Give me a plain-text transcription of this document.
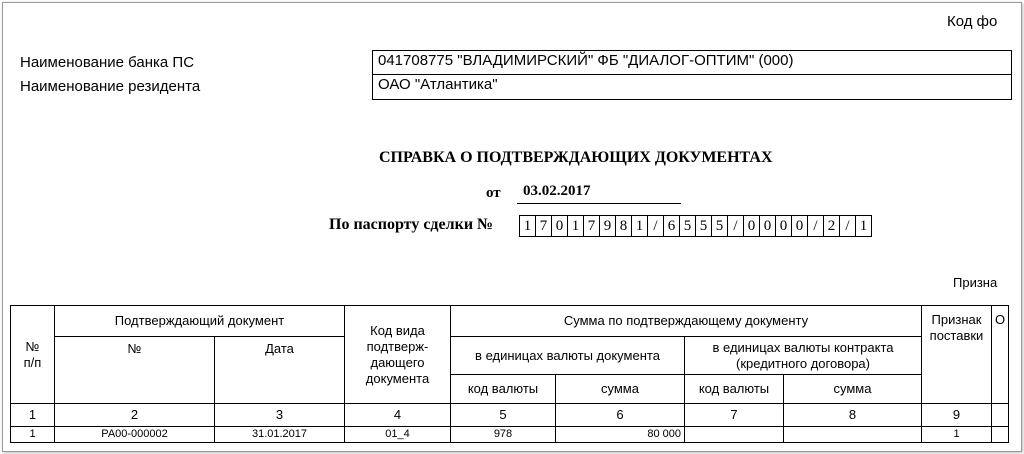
Код фо
Наименование банка ПС	041708775 "ВЛАДИМИРСКИЙ" ФБ "ДИАЛОГ-ОПТИМ" (000)
Наименование резидента	ОАО "Атлантика"
СПРАВКА О ПОДТВЕРЖДАЮЩИХ ДОКУМЕНТАХ
от	03.02.2017
По паспорту сделки № 1 7 0 1 7 9 8 1 / 6 5 5 5 / 0 0 0 0 / 2 / 1
Призна
№
п/п	Подтверждающий документ		Код вида подтверж-дающего документа	Сумма по подтверждающему документу				Признак поставки	О
	№	Дата		в единицах валюты документа		в единицах валюты контракта (кредитного договора)			
				код валюты	сумма	код валюты	сумма		
1	2	3	4	5	6	7	8	9	
1	РА00-000002	31.01.2017	01_4	978	80 000			1	
